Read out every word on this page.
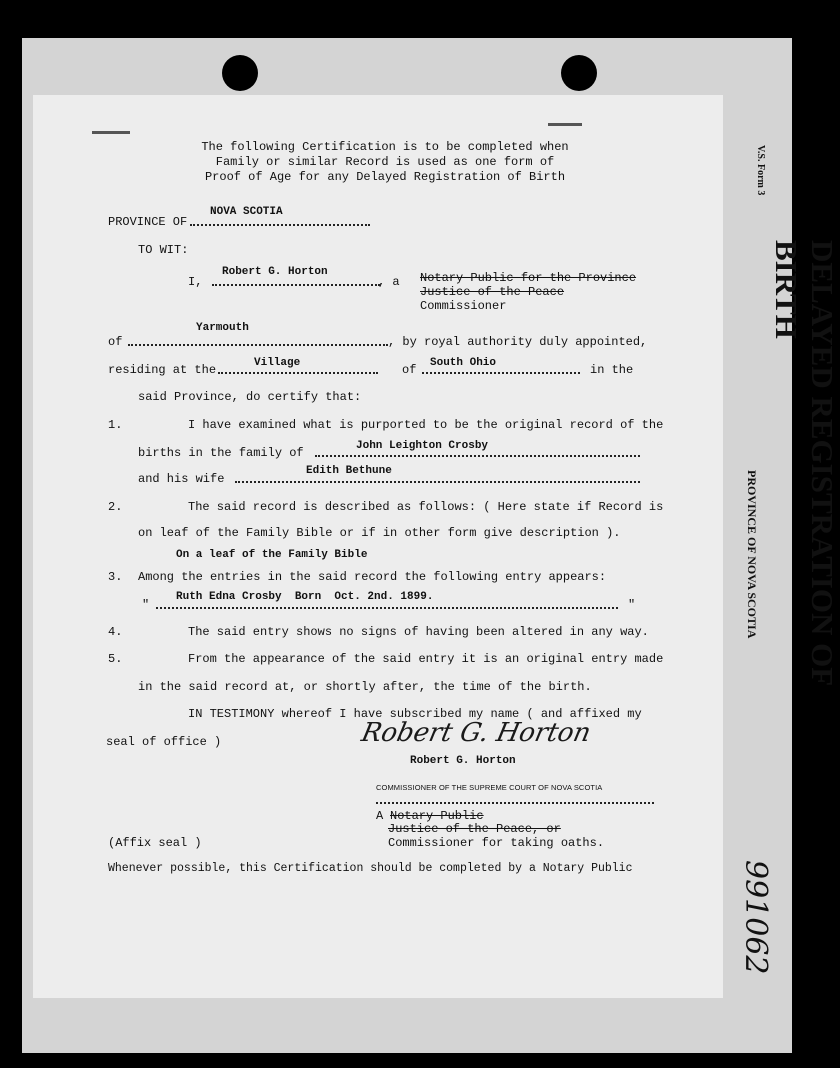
V.S. Form 3
DELAYED REGISTRATION OF BIRTH
PROVINCE OF NOVA SCOTIA
991062
The following Certification is to be completed when
Family or similar Record is used as one form of
Proof of Age for any Delayed Registration of Birth
PROVINCE OF
NOVA SCOTIA
TO WIT:
I,
Robert G. Horton
, a Notary Public for the Province
Justice of the Peace
Commissioner
of
Yarmouth
, by royal authority duly appointed,
residing at the	Village	of South Ohio	in the
said Province, do certify that:
1.	I have examined what is purported to be the original record of the
births in the family of	John Leighton Crosby
and his wife
Edith Bethune
2.	The said record is described as follows: ( Here state if Record is
on leaf of the Family Bible or if in other form give description ).
On a leaf of the Family Bible
3. Among the entries in the said record the following entry appears:
"
Ruth Edna Crosby  Born  Oct. 2nd. 1899.
"
4.	The said entry shows no signs of having been altered in any way.
5.	From the appearance of the said entry it is an original entry made
in the said record at, or shortly after, the time of the birth.
IN TESTIMONY whereof I have subscribed my name ( and affixed my
seal of office )	Robert G. Horton
Robert G. Horton
COMMISSIONER OF THE SUPREME COURT OF NOVA SCOTIA
A Notary Public
Justice of the Peace, or
Commissioner for taking oaths.
(Affix seal )
Whenever possible, this Certification should be completed by a Notary Public
